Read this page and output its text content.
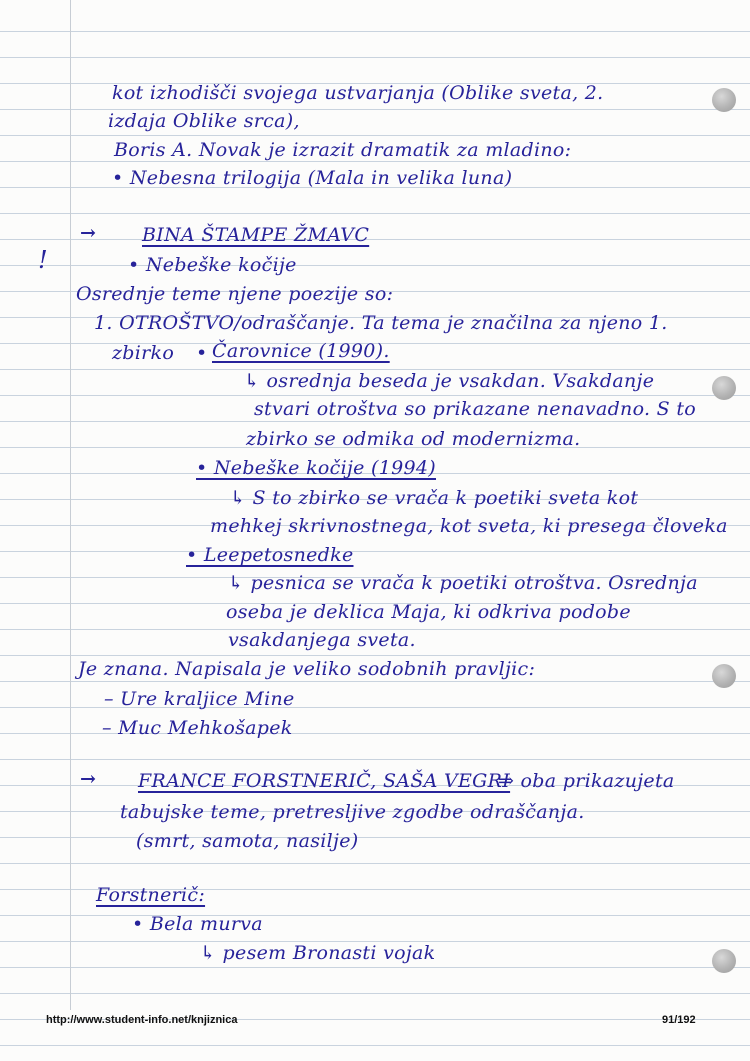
!
kot izhodišči svojega ustvarjanja (Oblike sveta, 2.
izdaja Oblike srca),
Boris A. Novak je izrazit dramatik za mladino:
• Nebesna trilogija (Mala in velika luna)
→ BINA ŠTAMPE ŽMAVC
• Nebeške kočije
Osrednje teme njene poezije so:
1. OTROŠTVO/odraščanje. Ta tema je značilna za njeno 1.
zbirko • Čarovnice (1990).
↳ osrednja beseda je vsakdan. Vsakdanje
stvari otroštva so prikazane nenavadno. S to
zbirko se odmika od modernizma.
• Nebeške kočije (1994)
↳ S to zbirko se vrača k poetiki sveta kot
mehkej skrivnostnega, kot sveta, ki presega človeka
• Leepetosnedke
↳ pesnica se vrača k poetiki otroštva. Osrednja
oseba je deklica Maja, ki odkriva podobe
vsakdanjega sveta.
Je znana. Napisala je veliko sodobnih pravljic:
– Ure kraljice Mine
– Muc Mehkošapek
→ FRANCE FORSTNERIČ, SAŠA VEGRI
⇒ oba prikazujeta
tabujske teme, pretresljive zgodbe odraščanja.
(smrt, samota, nasilje)
Forstnerič:
• Bela murva
↳ pesem Bronasti vojak
http://www.student-info.net/knjiznica	91/192
